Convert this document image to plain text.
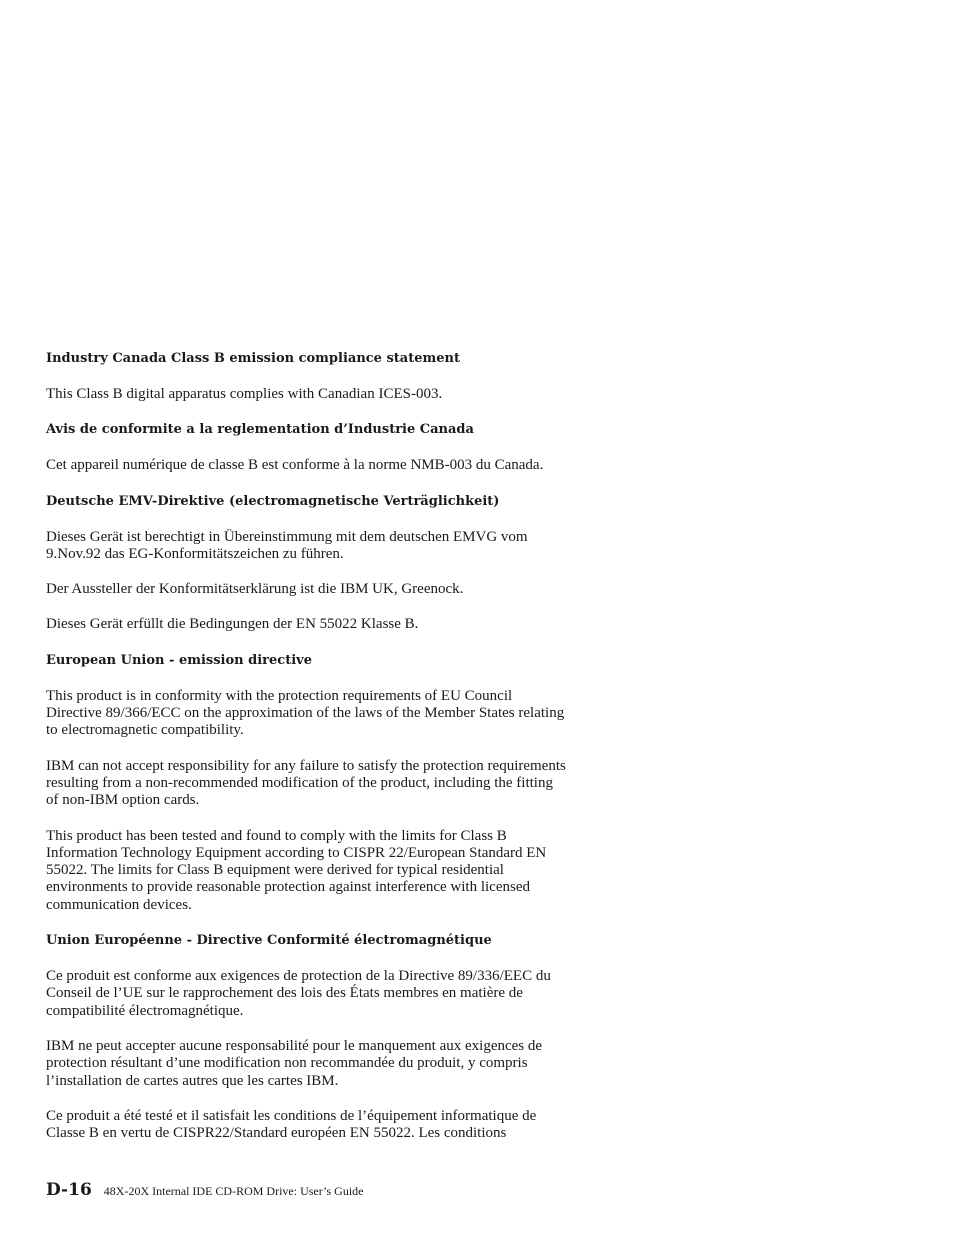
Industry Canada Class B emission compliance statement

This Class B digital apparatus complies with Canadian ICES-003.

Avis de conformite a la reglementation d’Industrie Canada

Cet appareil numérique de classe B est conforme à la norme NMB-003 du Canada.

Deutsche EMV-Direktive (electromagnetische Verträglichkeit)

Dieses Gerät ist berechtigt in Übereinstimmung mit dem deutschen EMVG vom 9.Nov.92 das EG-Konformitätszeichen zu führen.

Der Aussteller der Konformitätserklärung ist die IBM UK, Greenock.

Dieses Gerät erfüllt die Bedingungen der EN 55022 Klasse B.

European Union - emission directive

This product is in conformity with the protection requirements of EU Council Directive 89/366/ECC on the approximation of the laws of the Member States relating to electromagnetic compatibility.

IBM can not accept responsibility for any failure to satisfy the protection requirements resulting from a non-recommended modification of the product, including the fitting of non-IBM option cards.

This product has been tested and found to comply with the limits for Class B Information Technology Equipment according to CISPR 22/European Standard EN 55022. The limits for Class B equipment were derived for typical residential environments to provide reasonable protection against interference with licensed communication devices.

Union Européenne - Directive Conformité électromagnétique

Ce produit est conforme aux exigences de protection de la Directive 89/336/EEC du Conseil de l’UE sur le rapprochement des lois des États membres en matière de compatibilité électromagnétique.

IBM ne peut accepter aucune responsabilité pour le manquement aux exigences de protection résultant d’une modification non recommandée du produit, y compris l’installation de cartes autres que les cartes IBM.

Ce produit a été testé et il satisfait les conditions de l’équipement informatique de Classe B en vertu de CISPR22/Standard européen EN 55022. Les conditions

D-16 48X-20X Internal IDE CD-ROM Drive: User’s Guide
